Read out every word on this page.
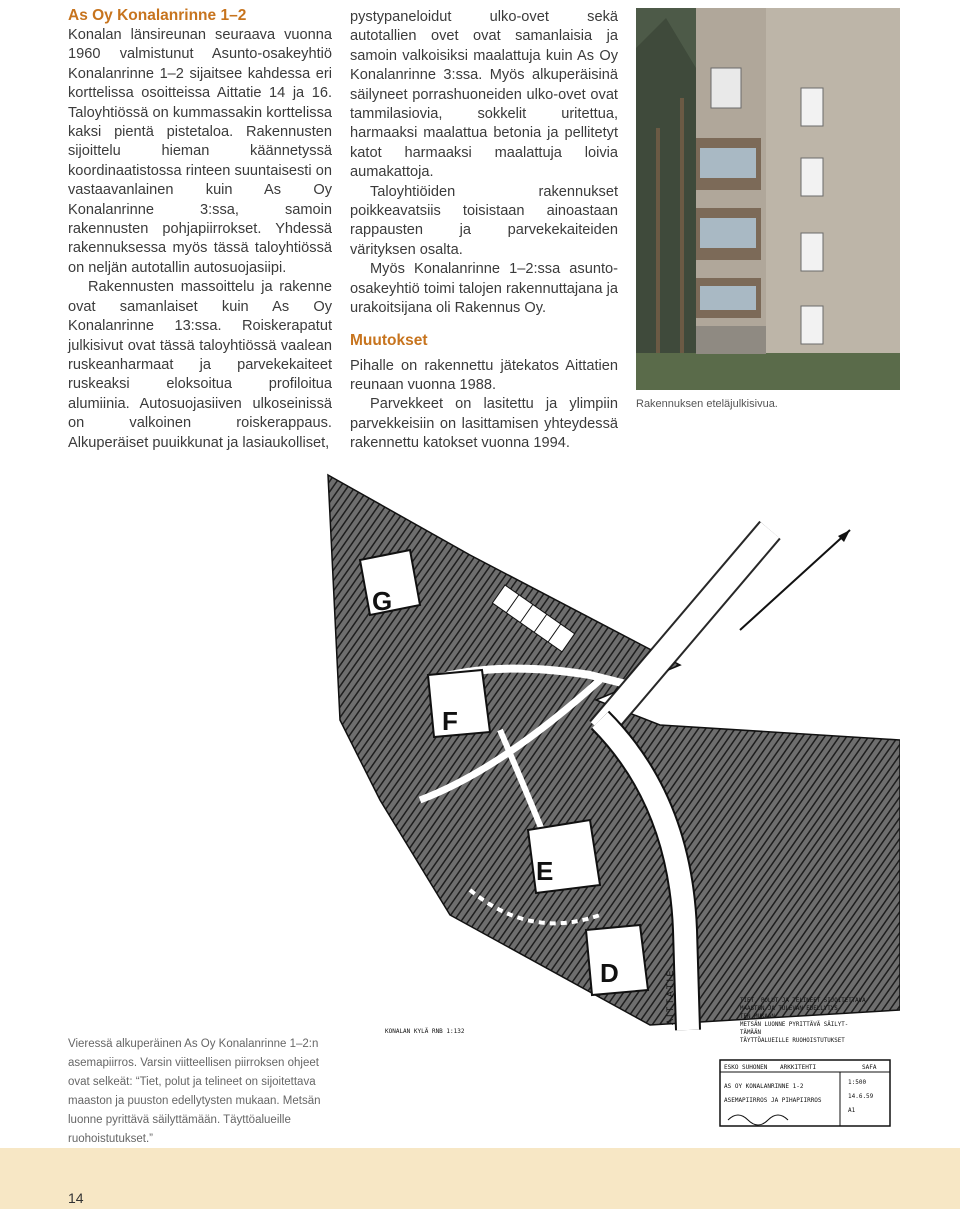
As Oy Konalanrinne 1–2

Konalan länsireunan seuraava vuonna 1960 valmistunut Asunto-osakeyhtiö Konalanrinne 1–2 sijaitsee kahdessa eri korttelissa osoitteissa Aittatie 14 ja 16. Taloyhtiössä on kummassakin korttelissa kaksi pientä pistetaloa. Rakennusten sijoittelu hieman käännetyssä koordinaatistossa rinteen suuntaisesti on vastaavanlainen kuin As Oy Konalanrinne 3:ssa, samoin rakennusten pohjapiirrokset. Yhdessä rakennuksessa myös tässä taloyhtiössä on neljän autotallin autosuojasiipi.

Rakennusten massoittelu ja rakenne ovat samanlaiset kuin As Oy Konalanrinne 13:ssa. Roiskerapatut julkisivut ovat tässä taloyhtiössä vaalean ruskeanharmaat ja parvekekaiteet ruskeaksi eloksoitua profiloitua alumiinia. Autosuojasiiven ulkoseinissä on valkoinen roiskerappaus. Alkuperäiset puuikkunat ja lasiaukolliset,

pystypaneloidut ulko-ovet sekä autotallien ovet ovat samanlaisia ja samoin valkoisiksi maalattuja kuin As Oy Konalanrinne 3:ssa. Myös alkuperäisinä säilyneet porrashuoneiden ulko-ovet ovat tammilasiovia, sokkelit uritettua, harmaaksi maalattua betonia ja pellitetyt katot harmaaksi maalattuja loivia aumakattoja.

Taloyhtiöiden rakennukset poikkeavatsiis toisistaan ainoastaan rappausten ja parvekekaiteiden värityksen osalta.

Myös Konalanrinne 1–2:ssa asunto-osakeyhtiö toimi talojen rakennuttajana ja urakoitsijana oli Rakennus Oy.

Muutokset

Pihalle on rakennettu jätekatos Aittatien reunaan vuonna 1988.

Parvekkeet on lasitettu ja ylimpiin parvekkeisiin on lasittamisen yhteydessä rakennettu katokset vuonna 1994.

Rakennuksen eteläjulkisivua.
G
F
E
D	A I T T A T I E
KONALAN KYLÄ RNB 1:132
TIET, POLUT JA TELINEET SIJOITETTAVA
MAASTON JA TULEVAN EDELLYTYS-
TEN MUKAAN
METSÄN LUONNE PYRITTÄVÄ SÄILYT-
TÄMÄÄN
TÄYTTÖALUEILLE RUOHOISTUTUKSET
ESKO SUHONEN ARKKITEHTI	SAFA
AS OY KONALANRINNE 1-2
ASEMAPIIRROS JA PIHAPIIRROS
1:500
14.6.59
A1
Vieressä alkuperäinen As Oy Konalanrinne 1–2:n asemapiirros. Varsin viitteellisen piirroksen ohjeet ovat selkeät: “Tiet, polut ja telineet on sijoitettava maaston ja puuston edellytysten mukaan. Metsän luonne pyrittävä säilyttämään. Täyttöalueille ruohoistutukset.”
14
